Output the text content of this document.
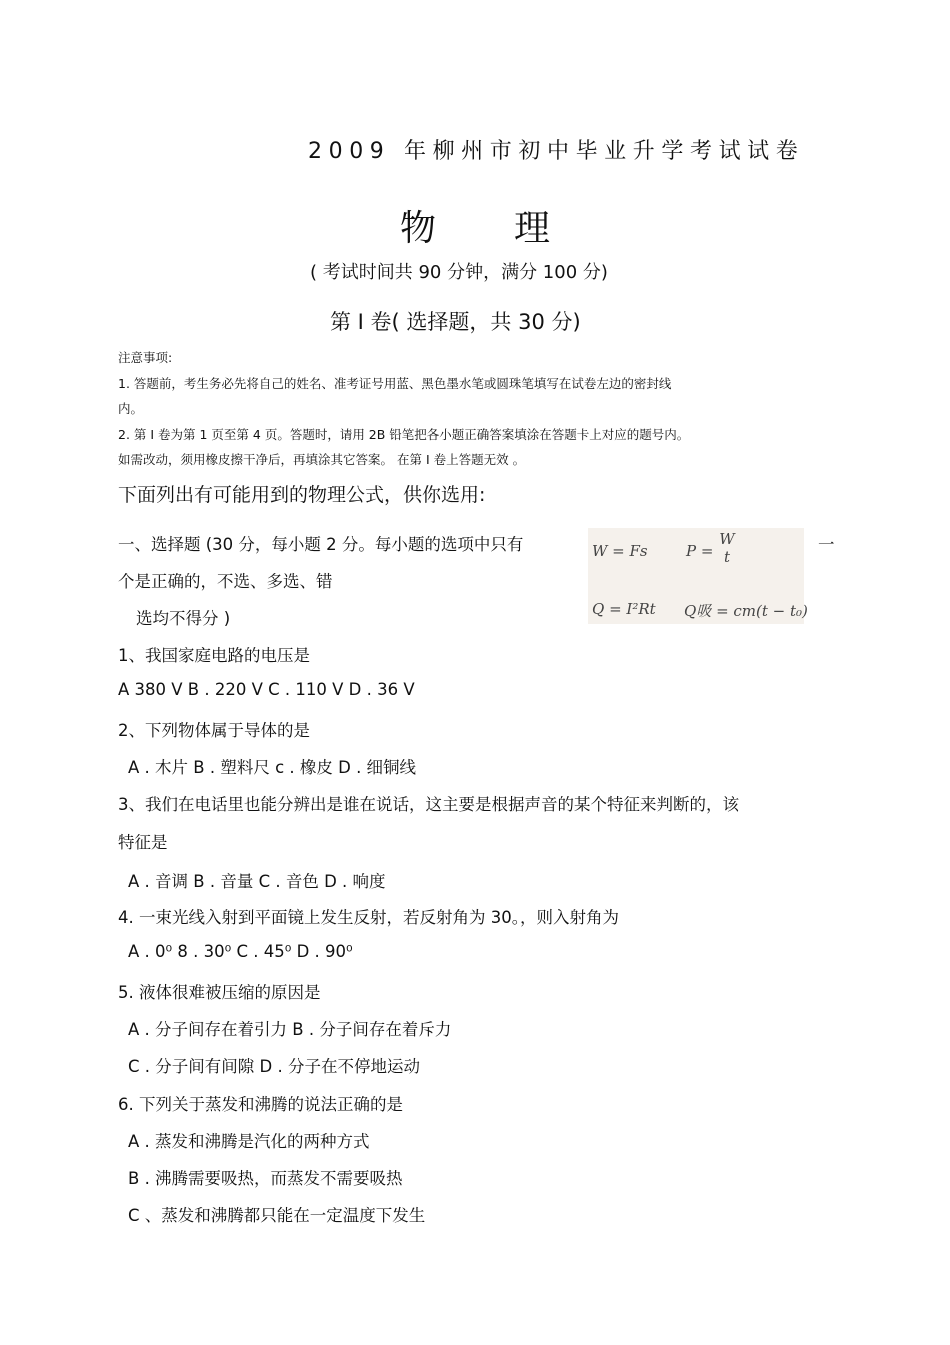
2009 年柳州市初中毕业升学考试试卷
物 理
( 考试时间共 90 分钟，满分 100 分)
第 I 卷( 选择题，共 30 分)
注意事项:
1. 答题前，考生务必先将自己的姓名、准考证号用蓝、黑色墨水笔或圆珠笔填写在试卷左边的密封线
内。
2. 第 I 卷为第 1 页至第 4 页。答题时，请用 2B 铅笔把各小题正确答案填涂在答题卡上对应的题号内。
如需改动，须用橡皮擦干净后，再填涂其它答案。 在第 I 卷上答题无效 。
下面列出有可能用到的物理公式，供你选用:
W = Fs	P =
W
t
Q = I²Rt Q吸 = cm(t − t₀)
一、选择题 (30 分，每小题 2 分。每小题的选项中只有	一
个是正确的，不选、多选、错
选均不得分 )
1、我国家庭电路的电压是
A 380 V B . 220 V C . 110 V D . 36 V
2、下列物体属于导体的是
A . 木片 B . 塑料尺 c . 橡皮 D . 细铜线
3、我们在电话里也能分辨出是谁在说话，这主要是根据声音的某个特征来判断的，该
特征是
A . 音调 B . 音量 C . 音色 D . 响度
4. 一束光线入射到平面镜上发生反射，若反射角为 30。，则入射角为
A . 0⁰ 8 . 30⁰ C . 45⁰ D . 90⁰
5. 液体很难被压缩的原因是
A . 分子间存在着引力 B . 分子间存在着斥力
C . 分子间有间隙 D . 分子在不停地运动
6. 下列关于蒸发和沸腾的说法正确的是
A . 蒸发和沸腾是汽化的两种方式
B . 沸腾需要吸热，而蒸发不需要吸热
C 、蒸发和沸腾都只能在一定温度下发生
